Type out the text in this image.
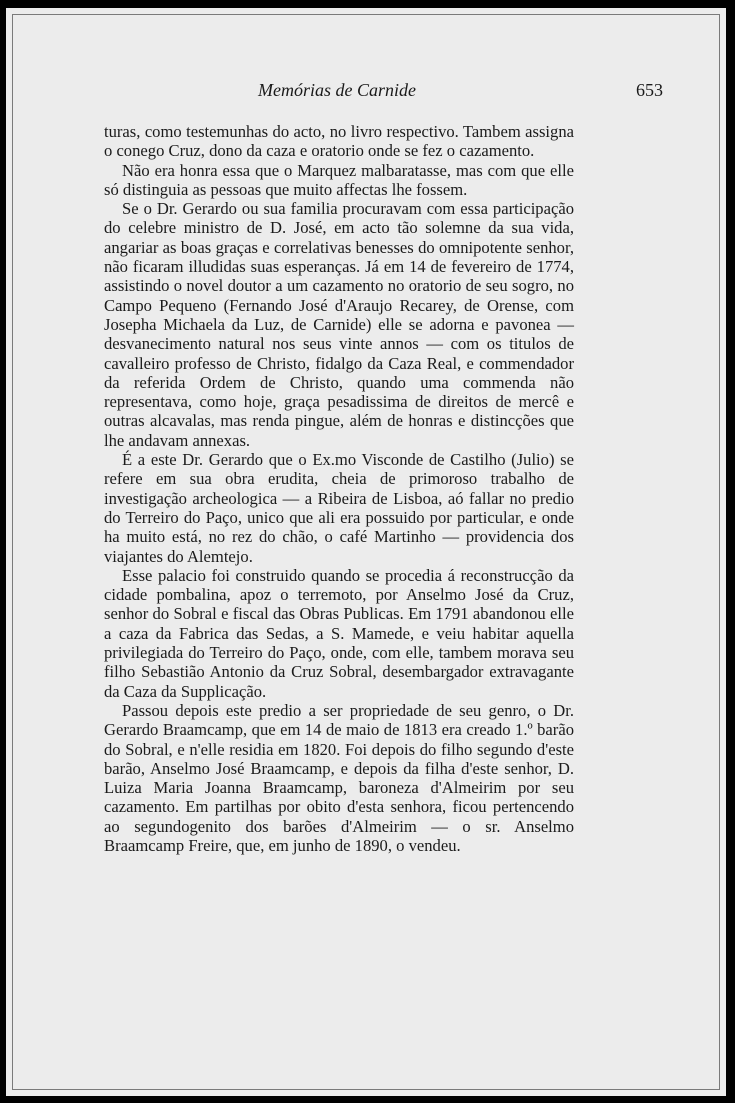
Memórias de Carnide	653

turas, como testemunhas do acto, no livro respectivo. Tambem assigna o conego Cruz, dono da caza e oratorio onde se fez o cazamento.

Não era honra essa que o Marquez malbaratasse, mas com que elle só distinguia as pessoas que muito affectas lhe fossem.

Se o Dr. Gerardo ou sua familia procuravam com essa participação do celebre ministro de D. José, em acto tão solemne da sua vida, angariar as boas graças e correlativas benesses do omnipotente senhor, não ficaram illudidas suas esperanças. Já em 14 de fevereiro de 1774, assistindo o novel doutor a um cazamento no oratorio de seu sogro, no Campo Pequeno (Fernando José d'Araujo Recarey, de Orense, com Josepha Michaela da Luz, de Carnide) elle se adorna e pavonea — desvanecimento natural nos seus vinte annos — com os titulos de cavalleiro professo de Christo, fidalgo da Caza Real, e commendador da referida Ordem de Christo, quando uma commenda não representava, como hoje, graça pesadissima de direitos de mercê e outras alcavalas, mas renda pingue, além de honras e distincções que lhe andavam annexas.

É a este Dr. Gerardo que o Ex.mo Visconde de Castilho (Julio) se refere em sua obra erudita, cheia de primoroso trabalho de investigação archeologica — a Ribeira de Lisboa, aó fallar no predio do Terreiro do Paço, unico que ali era possuido por particular, e onde ha muito está, no rez do chão, o café Martinho — providencia dos viajantes do Alemtejo.

Esse palacio foi construido quando se procedia á reconstrucção da cidade pombalina, apoz o terremoto, por Anselmo José da Cruz, senhor do Sobral e fiscal das Obras Publicas. Em 1791 abandonou elle a caza da Fabrica das Sedas, a S. Mamede, e veiu habitar aquella privilegiada do Terreiro do Paço, onde, com elle, tambem morava seu filho Sebastião Antonio da Cruz Sobral, desembargador extravagante da Caza da Supplicação.

Passou depois este predio a ser propriedade de seu genro, o Dr. Gerardo Braamcamp, que em 14 de maio de 1813 era creado 1.º barão do Sobral, e n'elle residia em 1820. Foi depois do filho segundo d'este barão, Anselmo José Braamcamp, e depois da filha d'este senhor, D. Luiza Maria Joanna Braamcamp, baroneza d'Almeirim por seu cazamento. Em partilhas por obito d'esta senhora, ficou pertencendo ao segundogenito dos barões d'Almeirim — o sr. Anselmo Braamcamp Freire, que, em junho de 1890, o vendeu.
